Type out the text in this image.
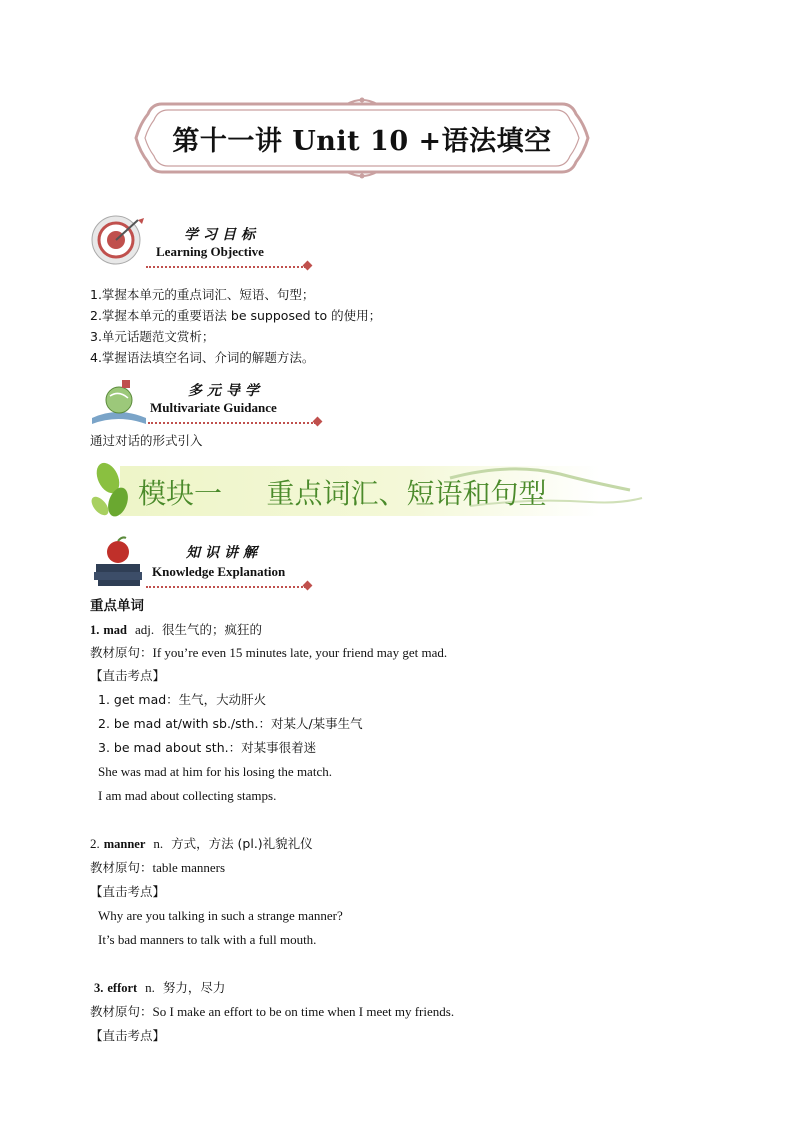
第十一讲 Unit 10 +语法填空
学习目标
Learning Objective
1.掌握本单元的重点词汇、短语、句型；
2.掌握本单元的重要语法 be supposed to 的使用；
3.单元话题范文赏析；
4.掌握语法填空名词、介词的解题方法。
多元导学
Multivariate Guidance
通过对话的形式引入
模块一 重点词汇、短语和句型
知识讲解
Knowledge Explanation
重点单词
1. mad adj. 很生气的；疯狂的
教材原句：If you’re even 15 minutes late, your friend may get mad.
【直击考点】
1. get mad：生气，大动肝火
2. be mad at/with sb./sth.：对某人/某事生气
3. be mad about sth.：对某事很着迷
She was mad at him for his losing the match.
I am mad about collecting stamps.
2. manner n. 方式，方法 (pl.)礼貌礼仪
教材原句：table manners
【直击考点】
Why are you talking in such a strange manner?
It’s bad manners to talk with a full mouth.
3. effort n. 努力，尽力
教材原句：So I make an effort to be on time when I meet my friends.
【直击考点】
